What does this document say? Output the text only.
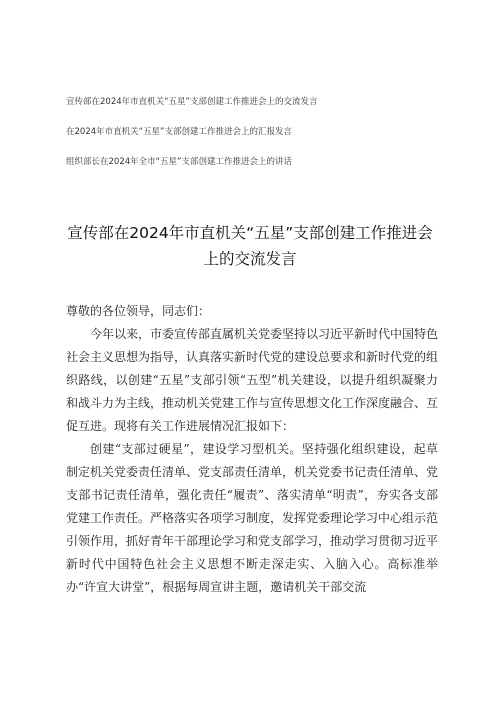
宣传部在2024年市直机关“五星”支部创建工作推进会上的交流发言
在2024年市直机关“五星”支部创建工作推进会上的汇报发言
组织部长在2024年全市“五星”支部创建工作推进会上的讲话
宣传部在2024年市直机关“五星”支部创建工作推进会
上的交流发言

尊敬的各位领导，同志们：

今年以来，市委宣传部直属机关党委坚持以习近平新时代中国特色社会主义思想为指导，认真落实新时代党的建设总要求和新时代党的组织路线，以创建“五星”支部引领“五型”机关建设，以提升组织凝聚力和战斗力为主线，推动机关党建工作与宣传思想文化工作深度融合、互促互进。现将有关工作进展情况汇报如下：

创建“支部过硬星”，建设学习型机关。坚持强化组织建设，起草制定机关党委责任清单、党支部责任清单，机关党委书记责任清单、党支部书记责任清单，强化责任“履责”、落实清单“明责”，夯实各支部党建工作责任。严格落实各项学习制度，发挥党委理论学习中心组示范引领作用，抓好青年干部理论学习和党支部学习，推动学习贯彻习近平新时代中国特色社会主义思想不断走深走实、入脑入心。高标准举办“许宣大讲堂”，根据每周宣讲主题，邀请机关干部交流
